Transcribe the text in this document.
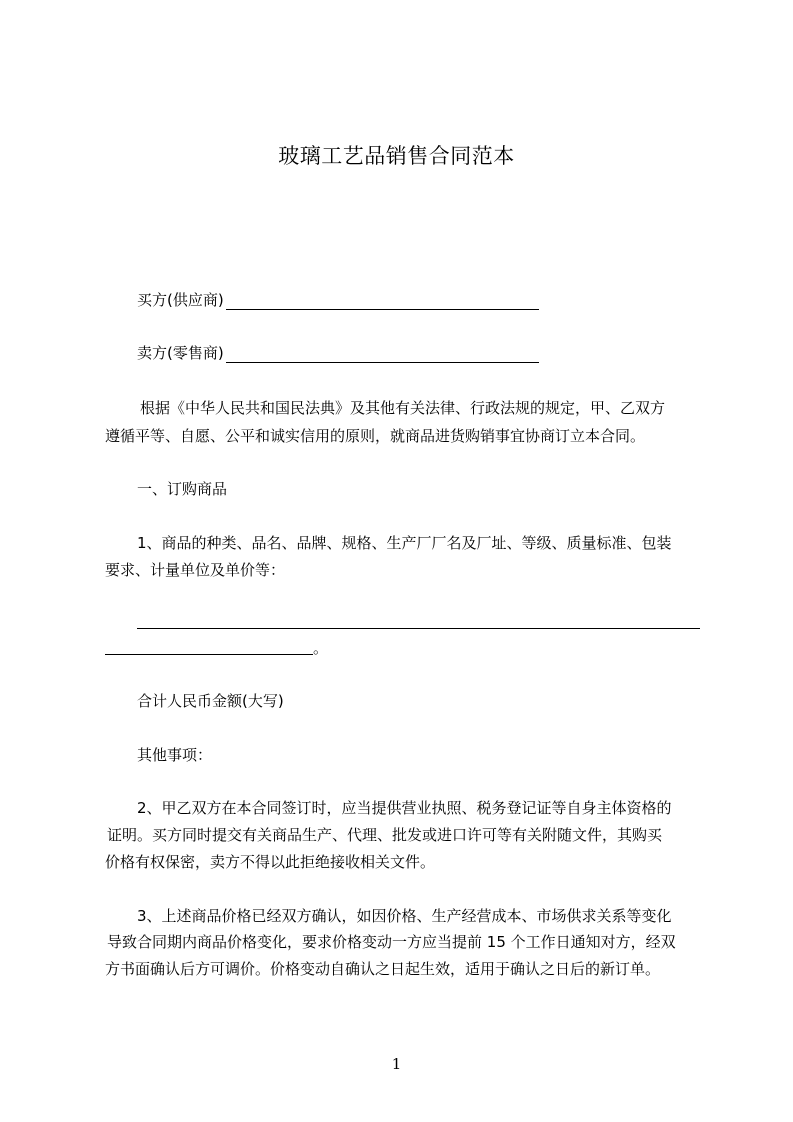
玻璃工艺品销售合同范本
买方(供应商)
卖方(零售商)
根据《中华人民共和国民法典》及其他有关法律、行政法规的规定，甲、乙双方
遵循平等、自愿、公平和诚实信用的原则，就商品进货购销事宜协商订立本合同。
一、订购商品
1、商品的种类、品名、品牌、规格、生产厂厂名及厂址、等级、质量标准、包装
要求、计量单位及单价等：
。
合计人民币金额(大写)
其他事项：
2、甲乙双方在本合同签订时，应当提供营业执照、税务登记证等自身主体资格的
证明。买方同时提交有关商品生产、代理、批发或进口许可等有关附随文件，其购买
价格有权保密，卖方不得以此拒绝接收相关文件。
3、上述商品价格已经双方确认，如因价格、生产经营成本、市场供求关系等变化
导致合同期内商品价格变化，要求价格变动一方应当提前 15 个工作日通知对方，经双
方书面确认后方可调价。价格变动自确认之日起生效，适用于确认之日后的新订单。
1
